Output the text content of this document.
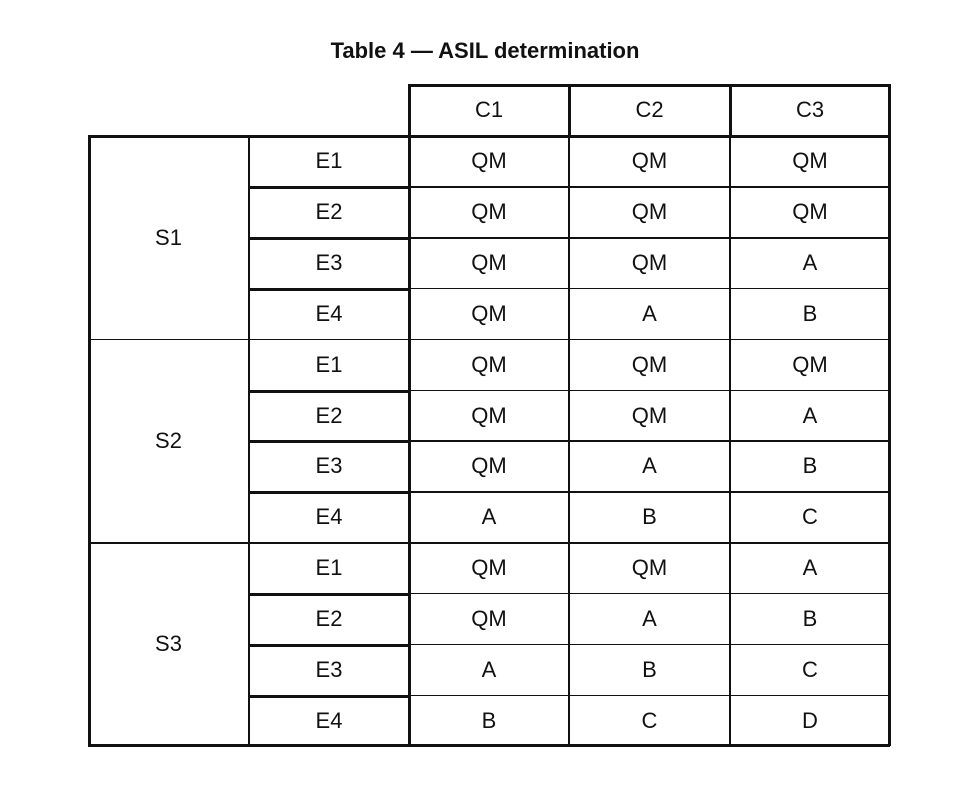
Table 4 — ASIL determination
C1	C2	C3
S1
E1	QM	QM	QM
E2	QM	QM	QM
E3	QM	QM	A
E4	QM	A	B
S2
E1	QM	QM	QM
E2	QM	QM	A
E3	QM	A	B
E4	A	B	C
S3
E1	QM	QM	A
E2	QM	A	B
E3	A	B	C
E4	B	C	D
